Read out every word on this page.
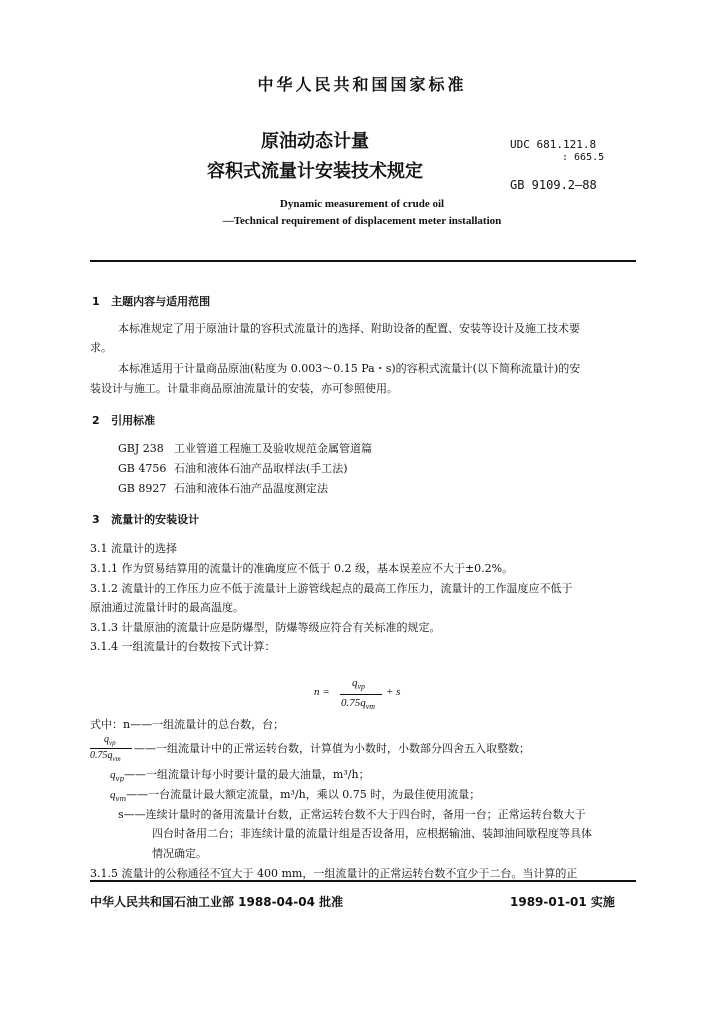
中华人民共和国国家标准
原油动态计量
容积式流量计安装技术规定
UDC 681.121.8
: 665.5
GB 9109.2—88
Dynamic measurement of crude oil
—Technical requirement of displacement meter installation
1 主题内容与适用范围
本标准规定了用于原油计量的容积式流量计的选择、附助设备的配置、安装等设计及施工技术要
求。
本标准适用于计量商品原油(粘度为 0.003～0.15 Pa・s)的容积式流量计(以下简称流量计)的安
装设计与施工。计量非商品原油流量计的安装，亦可参照使用。
2 引用标准
GBJ 238 工业管道工程施工及验收规范金属管道篇
GB 4756 石油和液体石油产品取样法(手工法)
GB 8927 石油和液体石油产品温度测定法
3 流量计的安装设计
3.1 流量计的选择
3.1.1 作为贸易结算用的流量计的准确度应不低于 0.2 级，基本误差应不大于±0.2%。
3.1.2 流量计的工作压力应不低于流量计上游管线起点的最高工作压力，流量计的工作温度应不低于
原油通过流量计时的最高温度。
3.1.3 计量原油的流量计应是防爆型，防爆等级应符合有关标准的规定。
3.1.4 一组流量计的台数按下式计算：
n =
$q_{vp}$
$0.75q_{vm}$
+ s
式中：n——一组流量计的总台数，台；
$q_{vp}$
$0.75q_{vm}$
——一组流量计中的正常运转台数，计算值为小数时，小数部分四舍五入取整数；
$q_{vp}——$一组流量计每小时要计量的最大油量，m³/h；
$q_{vm}——$一台流量计最大额定流量，m³/h，乘以 0.75 时，为最佳使用流量；
s——连续计量时的备用流量计台数，正常运转台数不大于四台时，备用一台；正常运转台数大于
四台时备用二台；非连续计量的流量计组是否设备用，应根据输油、装卸油间歇程度等具体
情况确定。
3.1.5 流量计的公称通径不宜大于 400 mm，一组流量计的正常运转台数不宜少于二台。当计算的正
中华人民共和国石油工业部 1988-04-04 批准	1989-01-01 实施
